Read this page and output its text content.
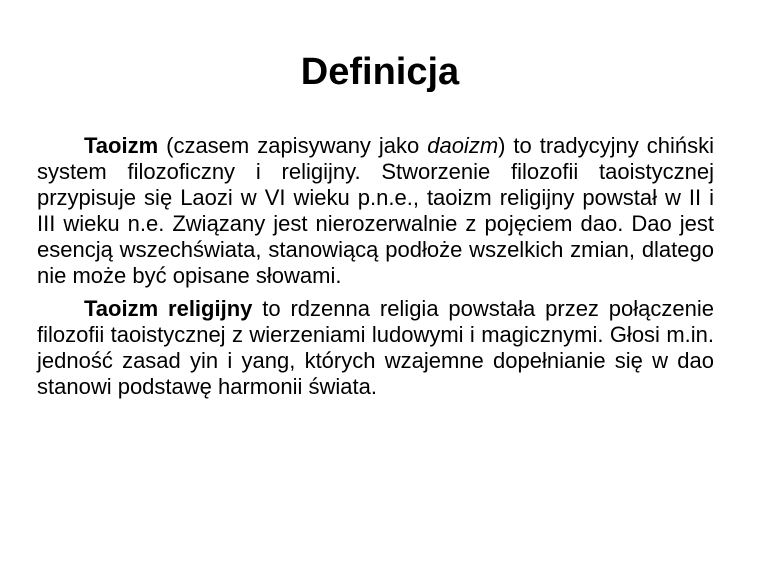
Definicja

Taoizm (czasem zapisywany jako daoizm) to tradycyjny chiński system filozoficzny i religijny. Stworzenie filozofii taoistycznej przypisuje się Laozi w VI wieku p.n.e., taoizm religijny powstał w II i III wieku n.e. Związany jest nierozerwalnie z pojęciem dao. Dao jest esencją wszechświata, stanowiącą podłoże wszelkich zmian, dlatego nie może być opisane słowami.

Taoizm religijny to rdzenna religia powstała przez połączenie filozofii taoistycznej z wierzeniami ludowymi i magicznymi. Głosi m.in. jedność zasad yin i yang, których wzajemne dopełnianie się w dao stanowi podstawę harmonii świata.
